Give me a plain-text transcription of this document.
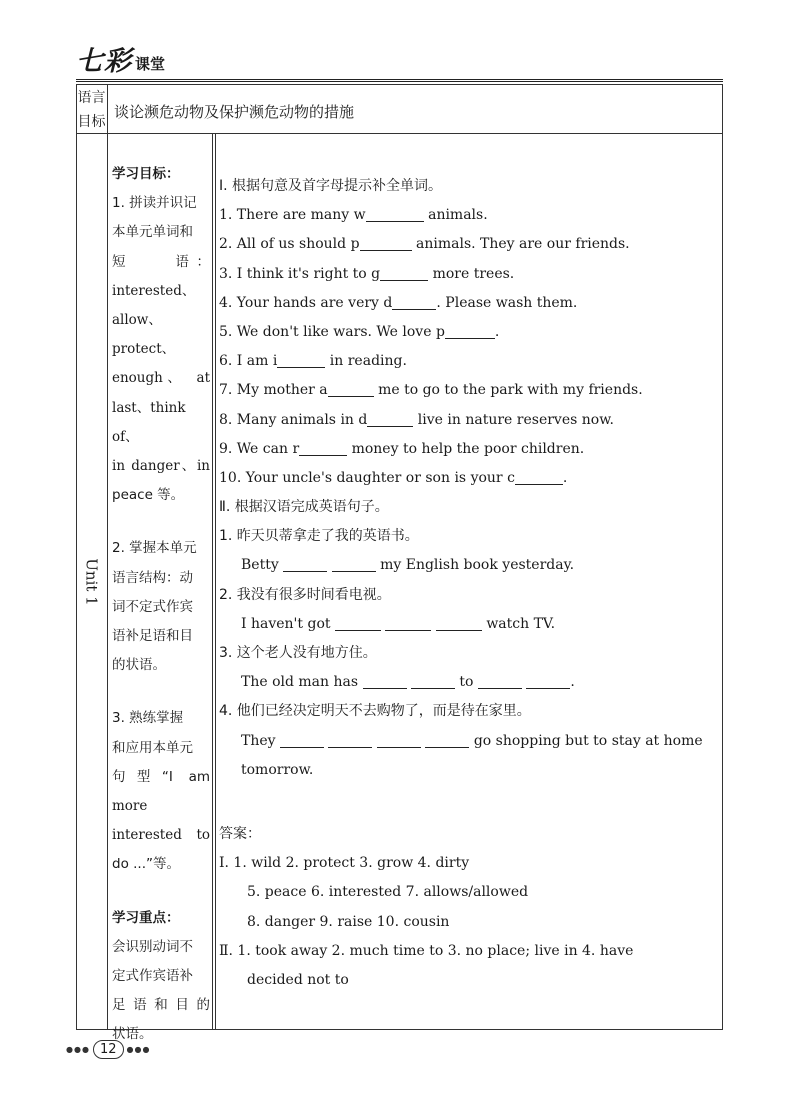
七彩 课堂
语言目标
谈论濒危动物及保护濒危动物的措施
Unit 1

学习目标：

1. 拼读并识记

本单元单词和

短　　语：

interested、

allow、protect、

enough、　at

last、think of、

in danger、in

peace 等。

2. 掌握本单元

语言结构：动

词不定式作宾

语补足语和目

的状语。

3. 熟练掌握

和应用本单元

句型“I am

more

interested　to

do ...”等。

学习重点：

会识别动词不

定式作宾语补

足语和目的

状语。

Ⅰ. 根据句意及首字母提示补全单词。
1. There are many w	animals.
2. All of us should p	animals. They are our friends.
3. I think it's right to g	more trees.
4. Your hands are very d	. Please wash them.
5. We don't like wars. We love p	.
6. I am i	in reading.
7. My mother a	me to go to the park with my friends.
8. Many animals in d	live in nature reserves now.
9. We can r	money to help the poor children.
10. Your uncle's daughter or son is your c	.
Ⅱ. 根据汉语完成英语句子。
1. 昨天贝蒂拿走了我的英语书。
Betty	my English book yesterday.
2. 我没有很多时间看电视。
I haven't got	watch TV.
3. 这个老人没有地方住。
The old man has	to	.
4. 他们已经决定明天不去购物了，而是待在家里。
They	go shopping but to stay at home
tomorrow.
答案：
Ⅰ. 1. wild 2. protect 3. grow 4. dirty
5. peace 6. interested 7. allows/allowed
8. danger 9. raise 10. cousin
Ⅱ. 1. took away 2. much time to 3. no place; live in 4. have
decided not to
●●● 12	●●●
